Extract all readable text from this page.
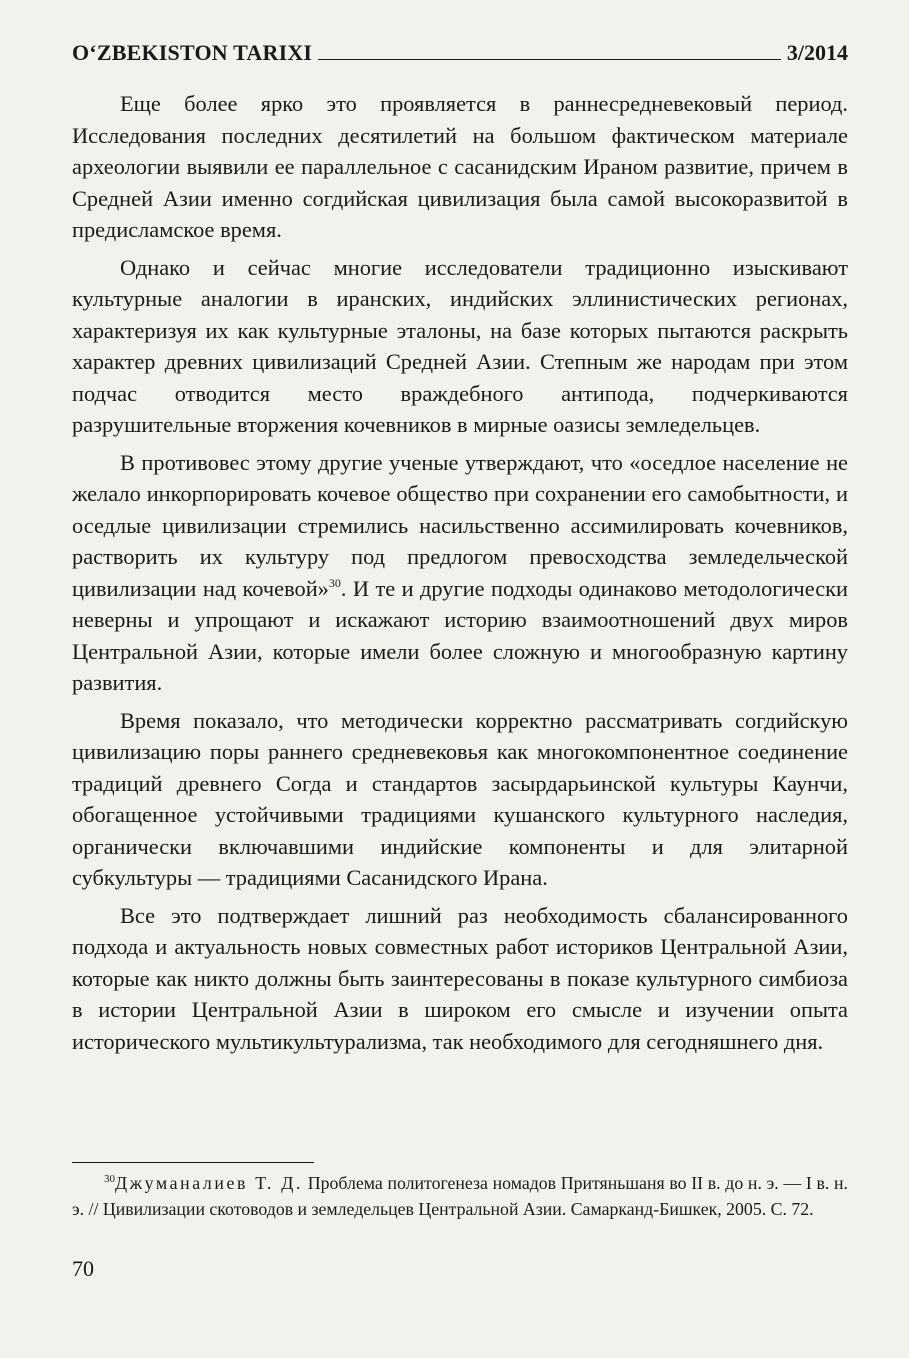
O‘ZBEKISTON TARIXI	3/2014

Еще более ярко это проявляется в раннесредневековый период. Исследования последних десятилетий на большом фактическом материале археологии выявили ее параллельное с сасанидским Ираном развитие, причем в Средней Азии именно согдийская цивилизация была самой высокоразвитой в предисламское время.

Однако и сейчас многие исследователи традиционно изыскивают культурные аналогии в иранских, индийских эллинистических регионах, характеризуя их как культурные эталоны, на базе которых пытаются раскрыть характер древних цивилизаций Средней Азии. Степным же народам при этом подчас отводится место враждебного антипода, подчеркиваются разрушительные вторжения кочевников в мирные оазисы земледельцев.

В противовес этому другие ученые утверждают, что «оседлое население не желало инкорпорировать кочевое общество при сохранении его самобытности, и оседлые цивилизации стремились насильственно ассимилировать кочевников, растворить их культуру под предлогом превосходства земледельческой цивилизации над кочевой»$^{30}$. И те и другие подходы одинаково методологически неверны и упрощают и искажают историю взаимоотношений двух миров Центральной Азии, которые имели более сложную и многообразную картину развития.

Время показало, что методически корректно рассматривать согдийскую цивилизацию поры раннего средневековья как многокомпонентное соединение традиций древнего Согда и стандартов засырдарьинской культуры Каунчи, обогащенное устойчивыми традициями кушанского культурного наследия, органически включавшими индийские компоненты и для элитарной субкультуры — традициями Сасанидского Ирана.

Все это подтверждает лишний раз необходимость сбалансированного подхода и актуальность новых совместных работ историков Центральной Азии, которые как никто должны быть заинтересованы в показе культурного симбиоза в истории Центральной Азии в широком его смысле и изучении опыта исторического мультикультурализма, так необходимого для сегодняшнего дня.

$^{30}$Джуманалиев Т. Д. Проблема политогенеза номадов Притяньшаня во II в. до н. э. — I в. н. э. // Цивилизации скотоводов и земледельцев Центральной Азии. Самарканд-Бишкек, 2005. С. 72.

70
